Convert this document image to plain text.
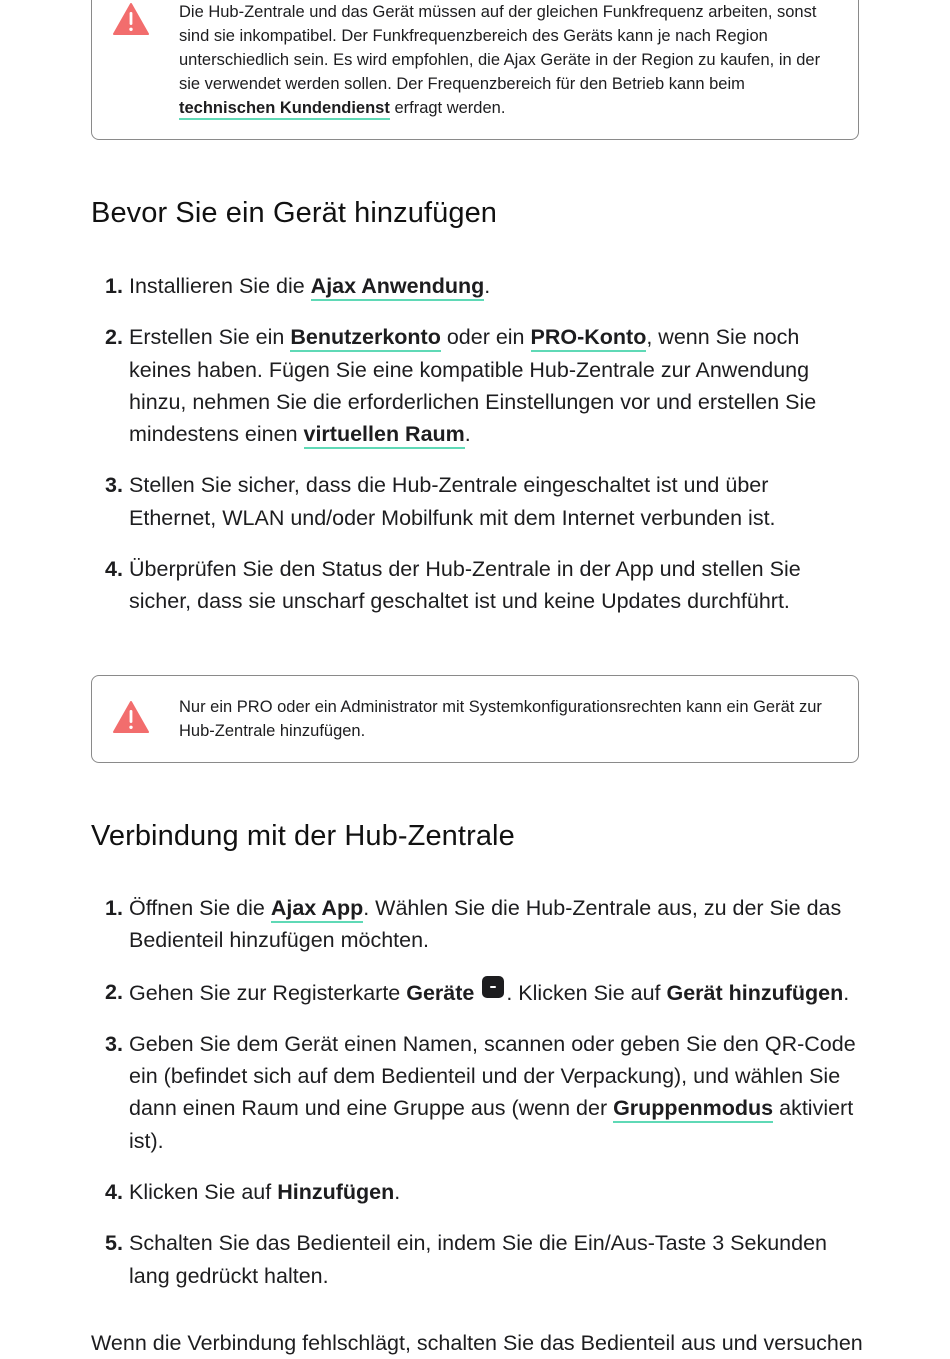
Die Hub-Zentrale und das Gerät müssen auf der gleichen Funkfrequenz arbeiten, sonst sind sie inkompatibel. Der Funkfrequenzbereich des Geräts kann je nach Region unterschiedlich sein. Es wird empfohlen, die Ajax Geräte in der Region zu kaufen, in der sie verwendet werden sollen. Der Frequenzbereich für den Betrieb kann beim technischen Kundendienst erfragt werden.
Bevor Sie ein Gerät hinzufügen
1. Installieren Sie die Ajax Anwendung.
2. Erstellen Sie ein Benutzerkonto oder ein PRO-Konto, wenn Sie noch keines haben. Fügen Sie eine kompatible Hub-Zentrale zur Anwendung hinzu, nehmen Sie die erforderlichen Einstellungen vor und erstellen Sie mindestens einen virtuellen Raum.
3. Stellen Sie sicher, dass die Hub-Zentrale eingeschaltet ist und über Ethernet, WLAN und/oder Mobilfunk mit dem Internet verbunden ist.
4. Überprüfen Sie den Status der Hub-Zentrale in der App und stellen Sie sicher, dass sie unscharf geschaltet ist und keine Updates durchführt.
Nur ein PRO oder ein Administrator mit Systemkonfigurationsrechten kann ein Gerät zur Hub-Zentrale hinzufügen.
Verbindung mit der Hub-Zentrale
1. Öffnen Sie die Ajax App. Wählen Sie die Hub-Zentrale aus, zu der Sie das Bedienteil hinzufügen möchten.
2. Gehen Sie zur Registerkarte Geräte . Klicken Sie auf Gerät hinzufügen.
3. Geben Sie dem Gerät einen Namen, scannen oder geben Sie den QR-Code ein (befindet sich auf dem Bedienteil und der Verpackung), und wählen Sie dann einen Raum und eine Gruppe aus (wenn der Gruppenmodus aktiviert ist).
4. Klicken Sie auf Hinzufügen.
5. Schalten Sie das Bedienteil ein, indem Sie die Ein/Aus-Taste 3 Sekunden lang gedrückt halten.
Wenn die Verbindung fehlschlägt, schalten Sie das Bedienteil aus und versuchen
